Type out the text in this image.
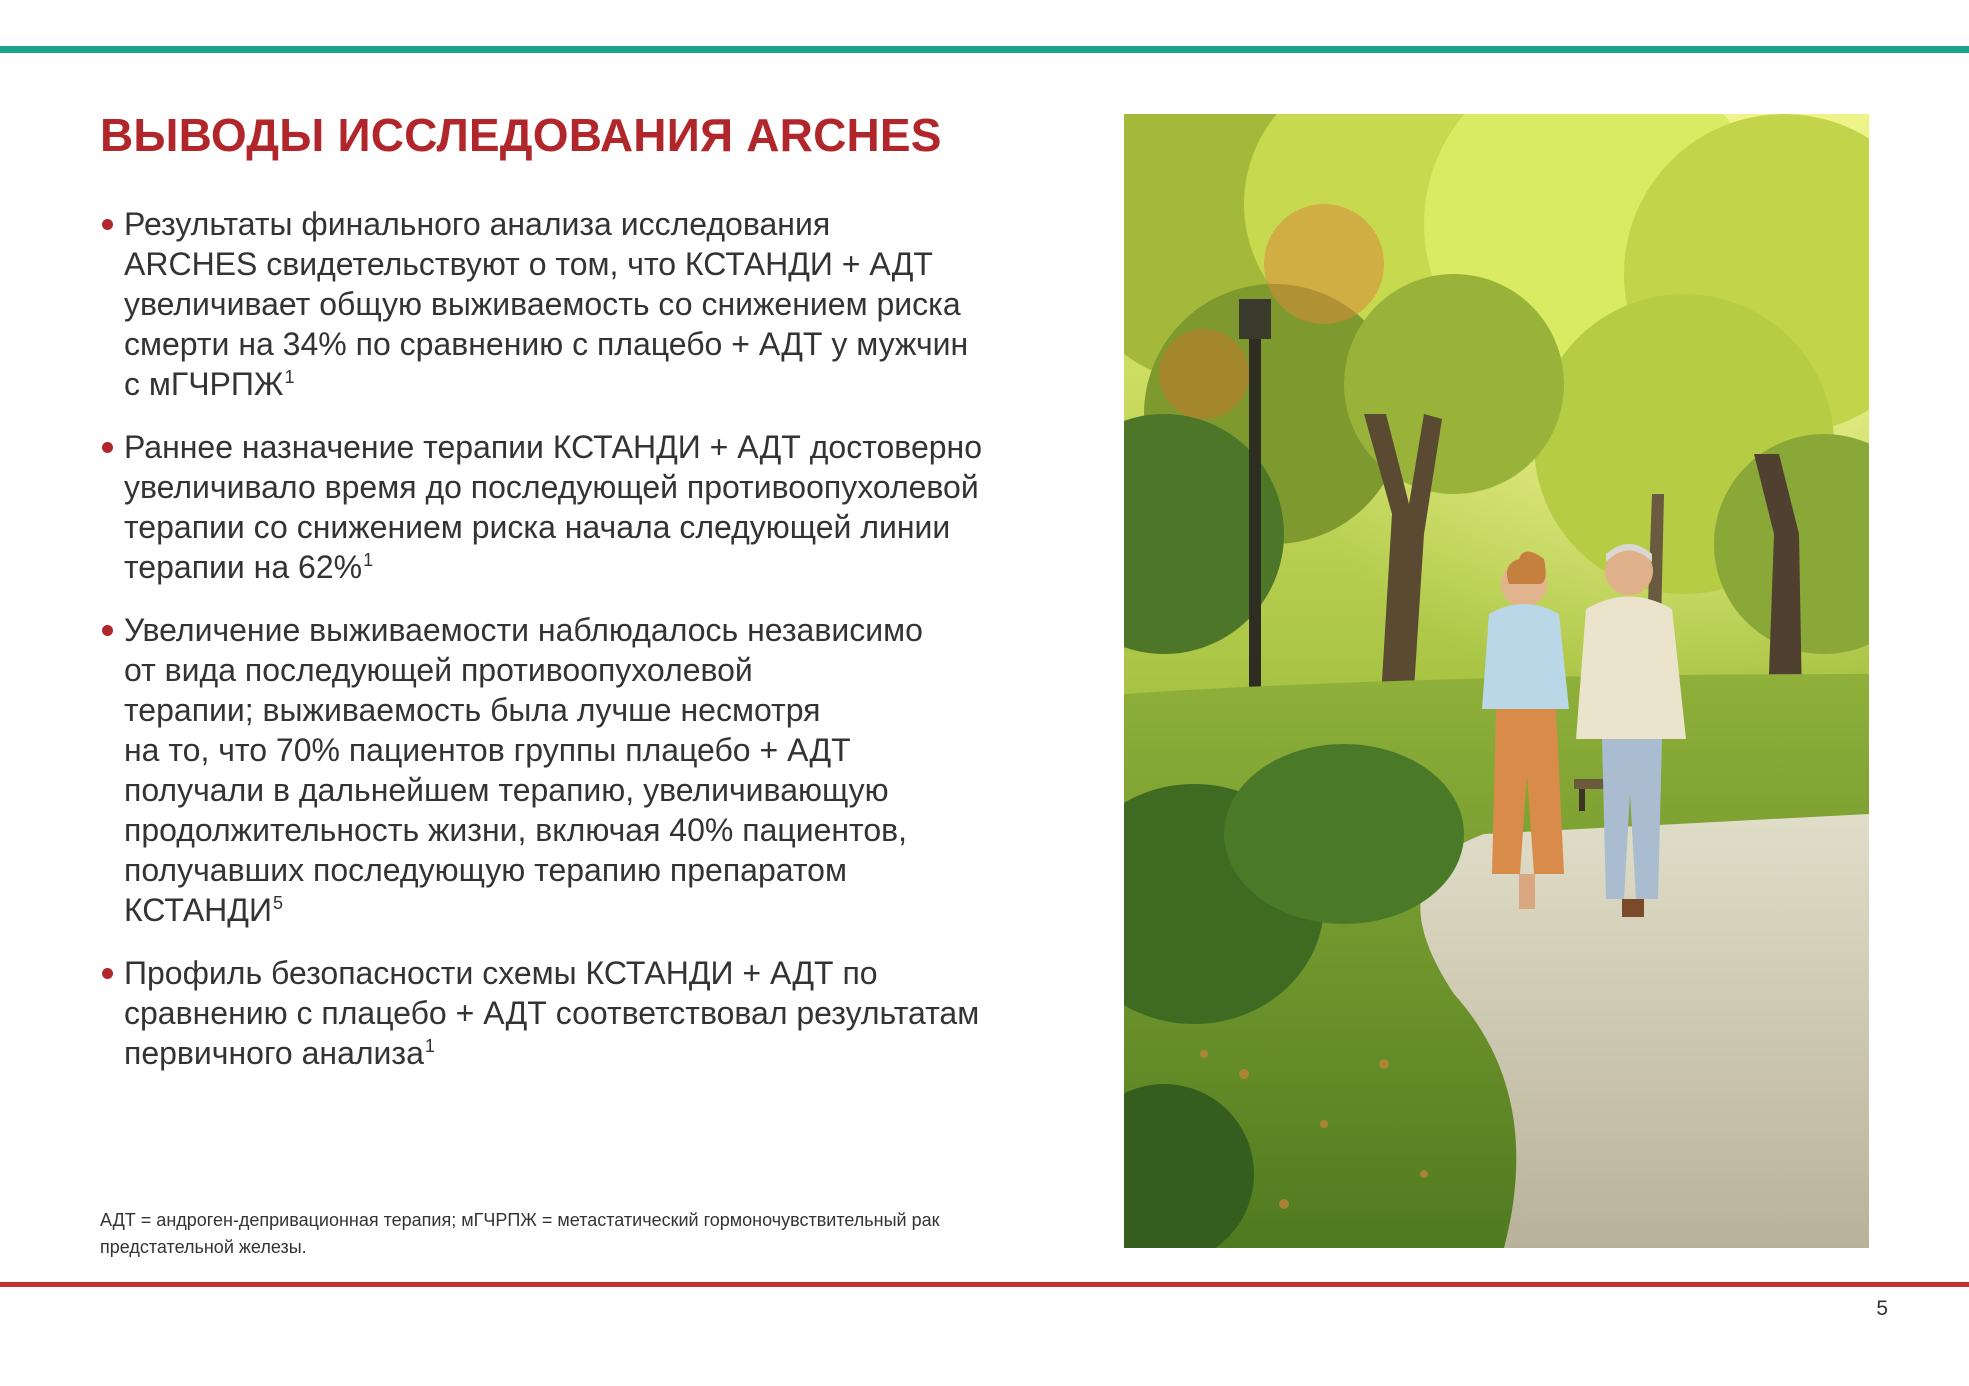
ВЫВОДЫ ИССЛЕДОВАНИЯ ARCHES
Результаты финального анализа исследования
ARCHES свидетельствуют о том, что КСТАНДИ + АДТ
увеличивает общую выживаемость со снижением риска
смерти на 34% по сравнению с плацебо + АДТ у мужчин
с мГЧРПЖ$^1$
Раннее назначение терапии КСТАНДИ + АДТ достоверно
увеличивало время до последующей противоопухолевой
терапии со снижением риска начала следующей линии
терапии на 62%$^1$
Увеличение выживаемости наблюдалось независимо
от вида последующей противоопухолевой
терапии; выживаемость была лучше несмотря
на то, что 70% пациентов группы плацебо + АДТ
получали в дальнейшем терапию, увеличивающую
продолжительность жизни, включая 40% пациентов,
получавших последующую терапию препаратом
КСТАНДИ$^5$
Профиль безопасности схемы КСТАНДИ + АДТ по
сравнению с плацебо + АДТ соответствовал результатам
первичного анализа$^1$
АДТ = андроген-депривационная терапия; мГЧРПЖ = метастатический гормоночувствительный рак
предстательной железы.
5
